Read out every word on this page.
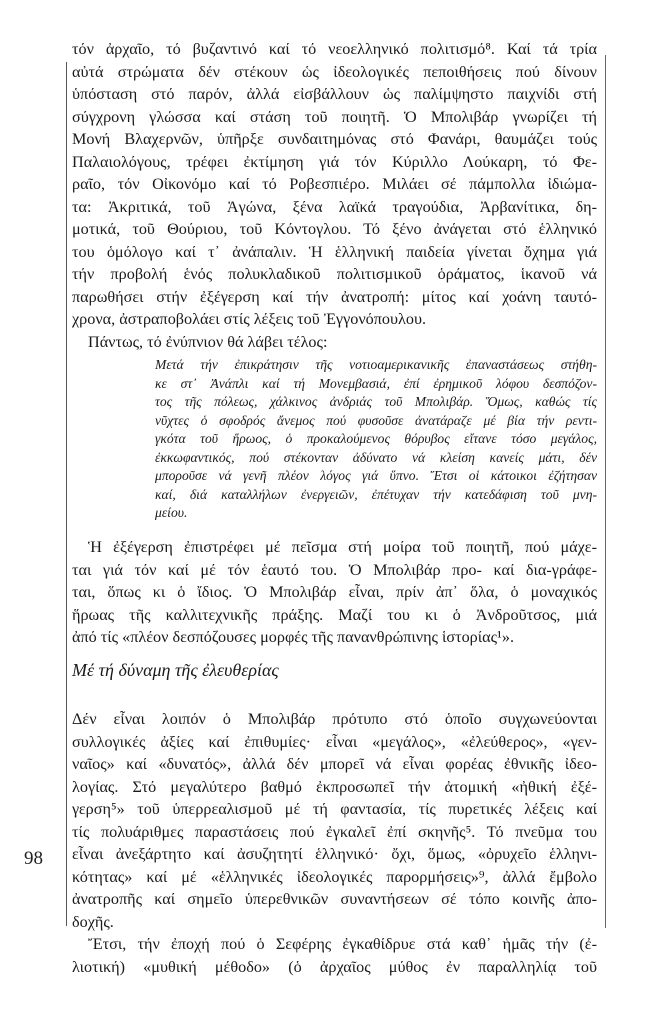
98
τόν ἀρχαῖο, τό βυζαντινό καί τό νεοελληνικό πολιτισμό⁸. Καί τά τρία
αὐτά στρώματα δέν στέκουν ὡς ἰδεολογικές πεποιθήσεις πού δίνουν
ὑπόσταση στό παρόν, ἀλλά εἰσβάλλουν ὡς παλίμψηστο παιχνίδι στή
σύγχρονη γλώσσα καί στάση τοῦ ποιητῆ. Ὁ Μπολιβάρ γνωρίζει τή
Μονή Βλαχερνῶν, ὑπῆρξε συνδαιτημόνας στό Φανάρι, θαυμάζει τούς
Παλαιολόγους, τρέφει ἐκτίμηση γιά τόν Κύριλλο Λούκαρη, τό Φε-
ραῖο, τόν Οἰκονόμο καί τό Ροβεσπιέρο. Μιλάει σέ πάμπολλα ἰδιώμα-
τα: Ἀκριτικά, τοῦ Ἀγώνα, ξένα λαϊκά τραγούδια, Ἀρβανίτικα, δη-
μοτικά, τοῦ Θούριου, τοῦ Κόντογλου. Τό ξένο ἀνάγεται στό ἑλληνικό
του ὁμόλογο καί τ᾿ ἀνάπαλιν. Ἡ ἑλληνική παιδεία γίνεται ὄχημα γιά
τήν προβολή ἑνός πολυκλαδικοῦ πολιτισμικοῦ ὁράματος, ἱκανοῦ νά
παρωθήσει στήν ἐξέγερση καί τήν ἀνατροπή: μίτος καί χοάνη ταυτό-
χρονα, ἀστραποβολάει στίς λέξεις τοῦ Ἐγγονόπουλου.
Πάντως, τό ἐνύπνιον θά λάβει τέλος:
Μετά τήν ἐπικράτησιν τῆς νοτιοαμερικανικῆς ἐπαναστάσεως στήθη-
κε στ᾿ Ἀνάπλι καί τή Μονεμβασιά, ἐπί ἐρημικοῦ λόφου δεσπόζον-
τος τῆς πόλεως, χάλκινος ἀνδριάς τοῦ Μπολιβάρ. Ὅμως, καθώς τίς
νῦχτες ὁ σφοδρός ἄνεμος πού φυσοῦσε ἀνατάραζε μέ βία τήν ρεντι-
γκότα τοῦ ἥρωος, ὁ προκαλούμενος θόρυβος εἴτανε τόσο μεγάλος,
ἐκκωφαντικός, πού στέκονταν ἀδύνατο νά κλείση κανείς μάτι, δέν
μποροῦσε νά γενῆ πλέον λόγος γιά ὕπνο. Ἔτσι οἱ κάτοικοι ἐζήτησαν
καί, διά καταλλήλων ἐνεργειῶν, ἐπέτυχαν τήν κατεδάφιση τοῦ μνη-
μείου.
Ἡ ἐξέγερση ἐπιστρέφει μέ πεῖσμα στή μοίρα τοῦ ποιητῆ, πού μάχε-
ται γιά τόν καί μέ τόν ἑαυτό του. Ὁ Μπολιβάρ προ- καί δια-γράφε-
ται, ὅπως κι ὁ ἴδιος. Ὁ Μπολιβάρ εἶναι, πρίν ἀπ᾿ ὅλα, ὁ μοναχικός
ἥρωας τῆς καλλιτεχνικῆς πράξης. Μαζί του κι ὁ Ἀνδροῦτσος, μιά
ἀπό τίς «πλέον δεσπόζουσες μορφές τῆς πανανθρώπινης ἱστορίας¹».
Μέ τή δύναμη τῆς ἐλευθερίας
Δέν εἶναι λοιπόν ὁ Μπολιβάρ πρότυπο στό ὁποῖο συγχωνεύονται
συλλογικές ἀξίες καί ἐπιθυμίες· εἶναι «μεγάλος», «ἐλεύθερος», «γεν-
ναῖος» καί «δυνατός», ἀλλά δέν μπορεῖ νά εἶναι φορέας ἐθνικῆς ἰδεο-
λογίας. Στό μεγαλύτερο βαθμό ἐκπροσωπεῖ τήν ἀτομική «ἠθική ἐξέ-
γερση⁵» τοῦ ὑπερρεαλισμοῦ μέ τή φαντασία, τίς πυρετικές λέξεις καί
τίς πολυάριθμες παραστάσεις πού ἐγκαλεῖ ἐπί σκηνῆς⁵. Τό πνεῦμα του
εἶναι ἀνεξάρτητο καί ἀσυζητητί ἑλληνικό· ὄχι, ὅμως, «ὀρυχεῖο ἑλληνι-
κότητας» καί μέ «ἑλληνικές ἰδεολογικές παρορμήσεις»⁹, ἀλλά ἔμβολο
ἀνατροπῆς καί σημεῖο ὑπερεθνικῶν συναντήσεων σέ τόπο κοινῆς ἀπο-
δοχῆς.
Ἔτσι, τήν ἐποχή πού ὁ Σεφέρης ἐγκαθίδρυε στά καθ᾿ ἡμᾶς τήν (ἐ-
λιοτική) «μυθική μέθοδο» (ὁ ἀρχαῖος μύθος ἐν παραλληλίᾳ τοῦ
